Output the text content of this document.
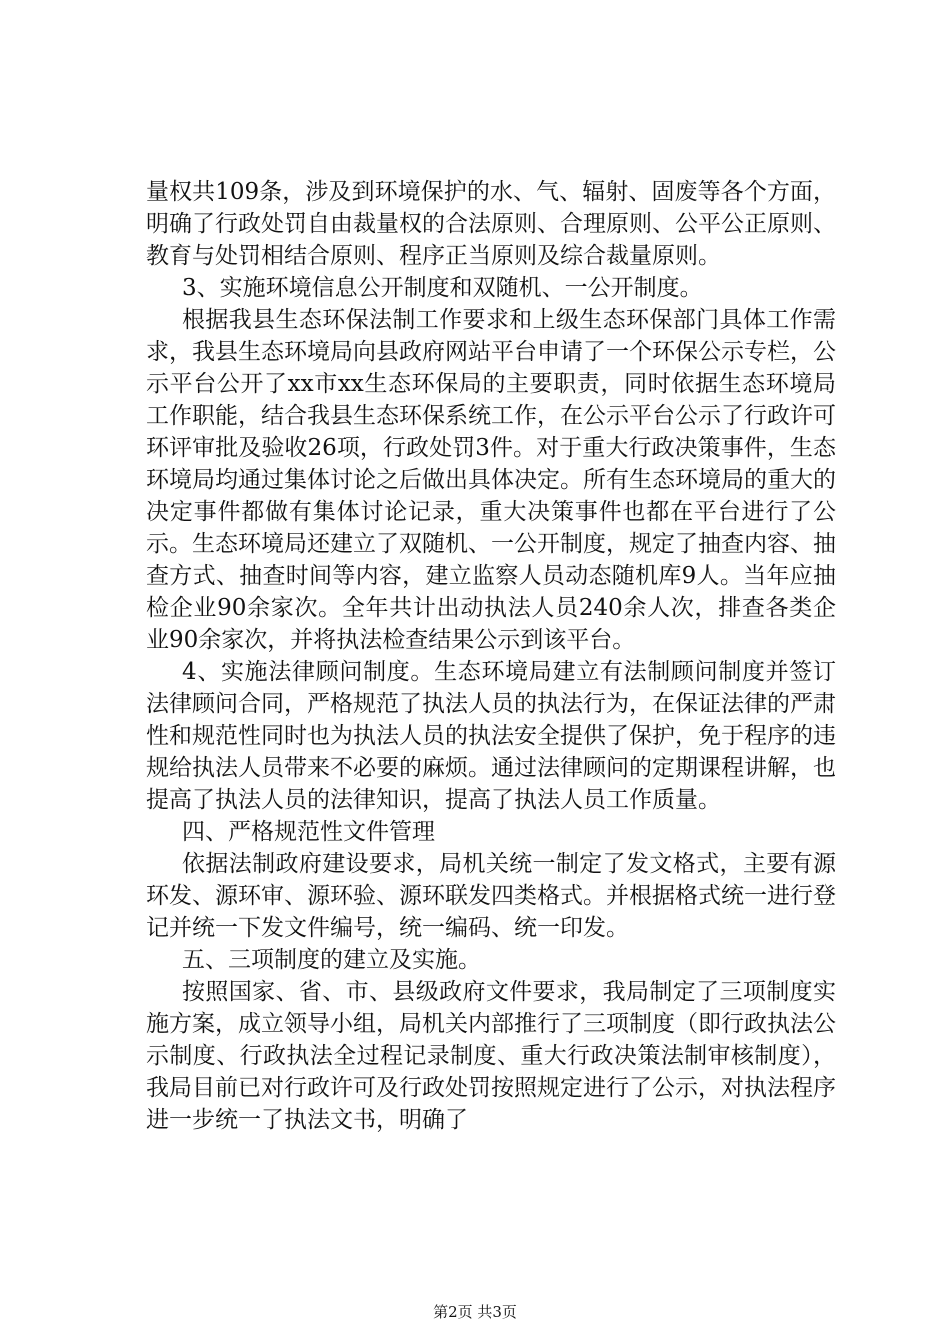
量权共109条，涉及到环境保护的水、气、辐射、固废等各个方面，明确了行政处罚自由裁量权的合法原则、合理原则、公平公正原则、教育与处罚相结合原则、程序正当原则及综合裁量原则。

3、实施环境信息公开制度和双随机、一公开制度。

根据我县生态环保法制工作要求和上级生态环保部门具体工作需求，我县生态环境局向县政府网站平台申请了一个环保公示专栏，公示平台公开了xx市xx生态环保局的主要职责，同时依据生态环境局工作职能，结合我县生态环保系统工作，在公示平台公示了行政许可环评审批及验收26项，行政处罚3件。对于重大行政决策事件，生态环境局均通过集体讨论之后做出具体决定。所有生态环境局的重大的决定事件都做有集体讨论记录，重大决策事件也都在平台进行了公示。生态环境局还建立了双随机、一公开制度，规定了抽查内容、抽查方式、抽查时间等内容，建立监察人员动态随机库9人。当年应抽检企业90余家次。全年共计出动执法人员240余人次，排查各类企业90余家次，并将执法检查结果公示到该平台。

4、实施法律顾问制度。生态环境局建立有法制顾问制度并签订法律顾问合同，严格规范了执法人员的执法行为，在保证法律的严肃性和规范性同时也为执法人员的执法安全提供了保护，免于程序的违规给执法人员带来不必要的麻烦。通过法律顾问的定期课程讲解，也提高了执法人员的法律知识，提高了执法人员工作质量。

四、严格规范性文件管理

依据法制政府建设要求，局机关统一制定了发文格式，主要有源环发、源环审、源环验、源环联发四类格式。并根据格式统一进行登记并统一下发文件编号，统一编码、统一印发。

五、三项制度的建立及实施。

按照国家、省、市、县级政府文件要求，我局制定了三项制度实施方案，成立领导小组，局机关内部推行了三项制度（即行政执法公示制度、行政执法全过程记录制度、重大行政决策法制审核制度），我局目前已对行政许可及行政处罚按照规定进行了公示，对执法程序进一步统一了执法文书，明确了

第2页 共3页
